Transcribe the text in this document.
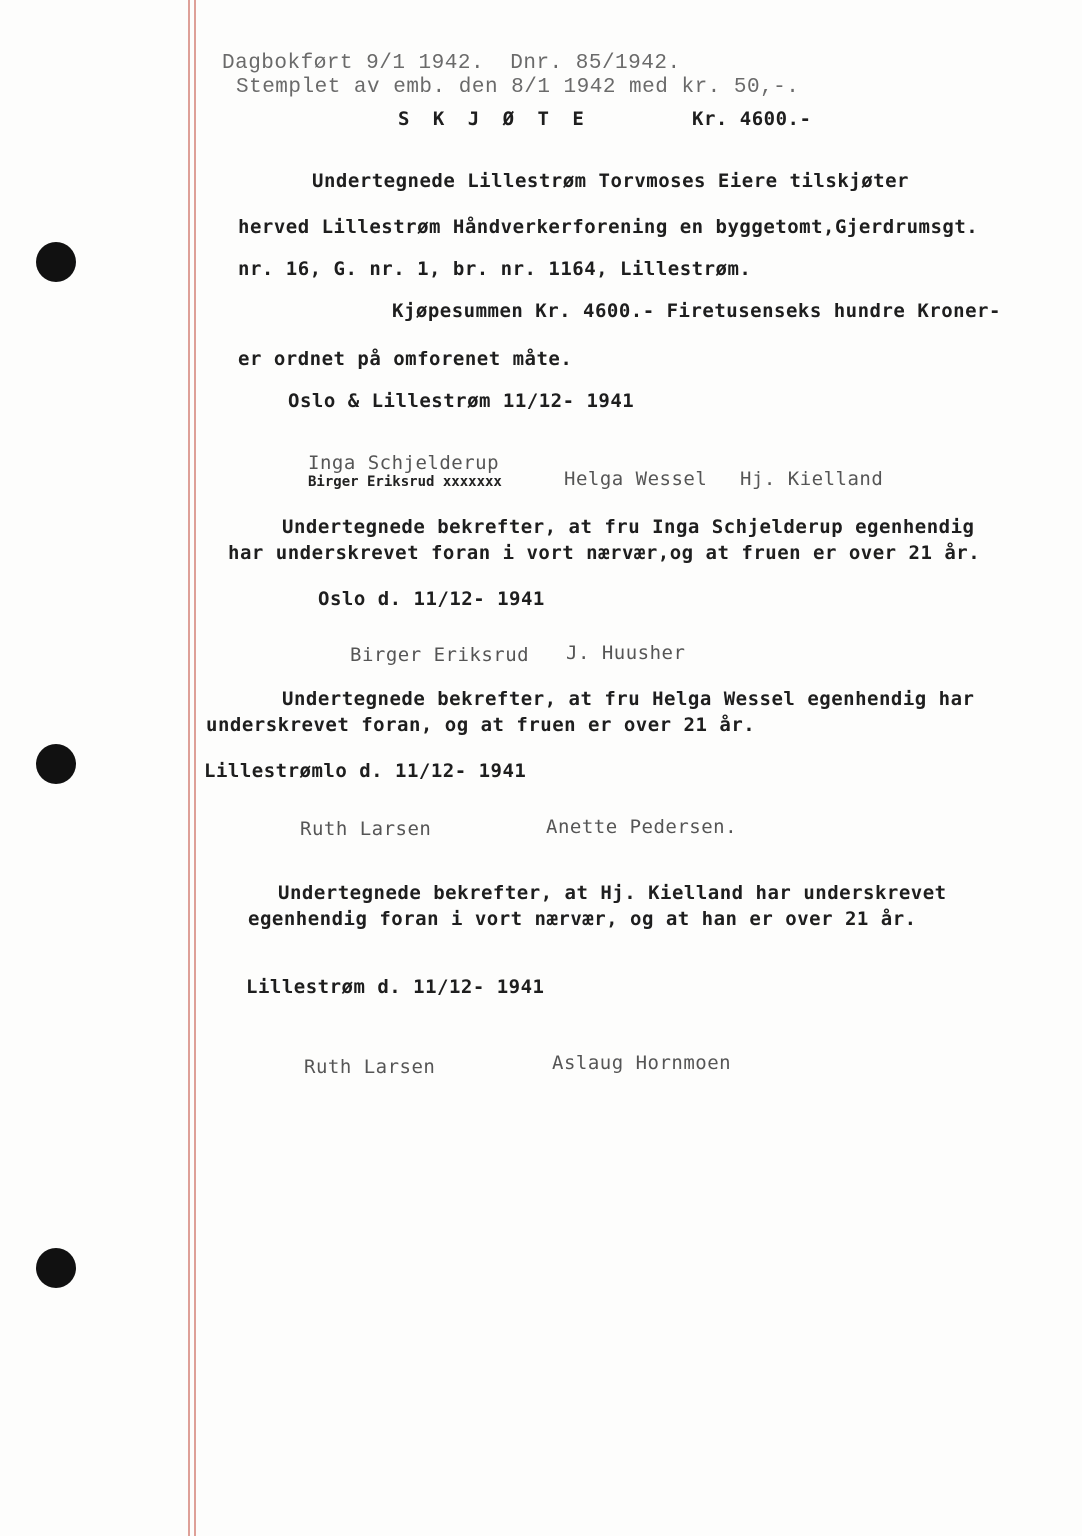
Dagbokført 9/1 1942.  Dnr. 85/1942.
Stemplet av emb. den 8/1 1942 med kr. 50,-.
S K J Ø T E	Kr. 4600.-
Undertegnede Lillestrøm Torvmoses Eiere tilskjøter
herved Lillestrøm Håndverkerforening en byggetomt,Gjerdrumsgt.
nr. 16, G. nr. 1, br. nr. 1164, Lillestrøm.
Kjøpesummen Kr. 4600.- Firetusenseks hundre Kroner-
er ordnet på omforenet måte.
Oslo & Lillestrøm 11/12- 1941
Inga Schjelderup
Birger Eriksrud xxxxxxx	Helga Wessel Hj. Kielland
Undertegnede bekrefter, at fru Inga Schjelderup egenhendig
har underskrevet foran i vort nærvær,og at fruen er over 21 år.
Oslo d. 11/12- 1941
Birger Eriksrud J. Huusher
Undertegnede bekrefter, at fru Helga Wessel egenhendig har
underskrevet foran, og at fruen er over 21 år.
Lillestrømlo d. 11/12- 1941
Ruth Larsen	Anette Pedersen.
Undertegnede bekrefter, at Hj. Kielland har underskrevet
egenhendig foran i vort nærvær, og at han er over 21 år.
Lillestrøm d. 11/12- 1941
Ruth Larsen	Aslaug Hornmoen
